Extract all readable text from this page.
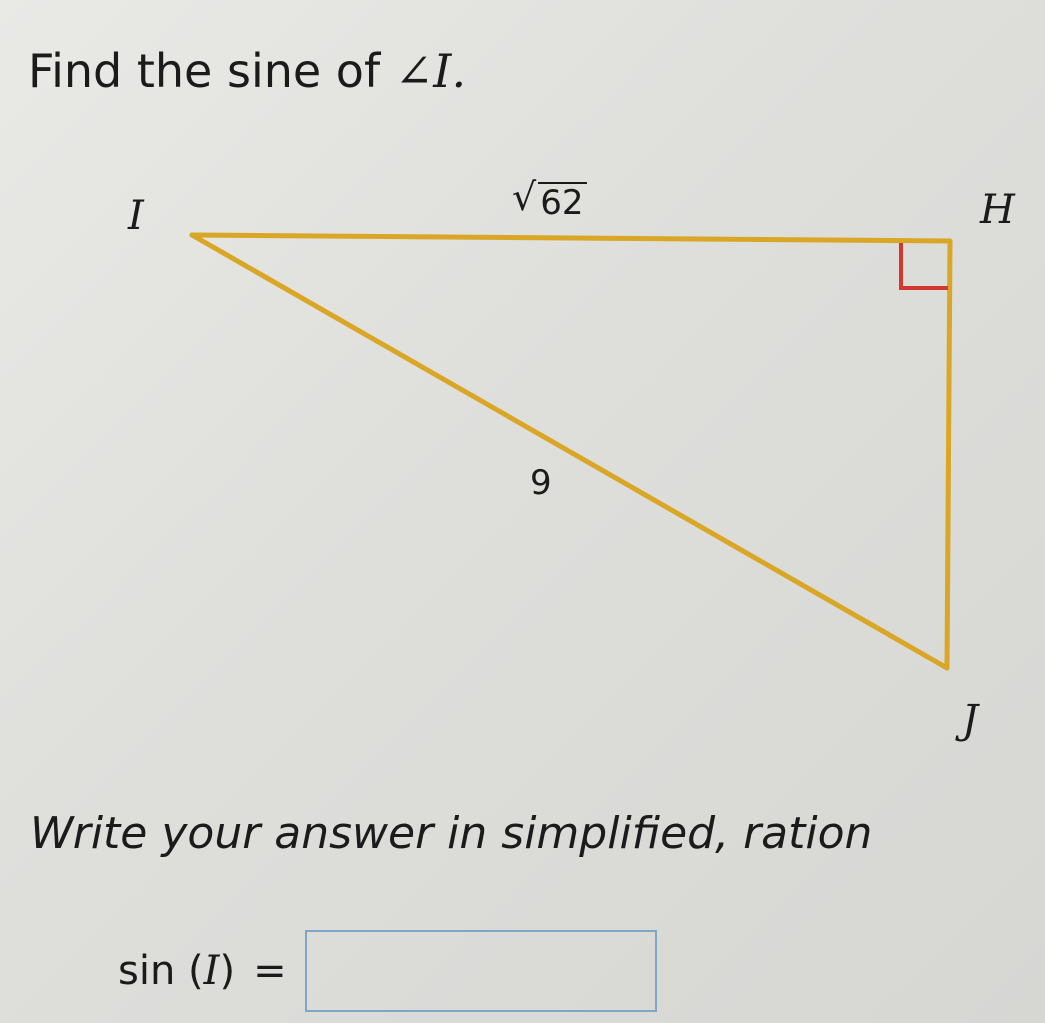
Find the sine of ∠I.
I	H
J
√ 62
9
Write your answer in simplified, ration
sin (I) =
